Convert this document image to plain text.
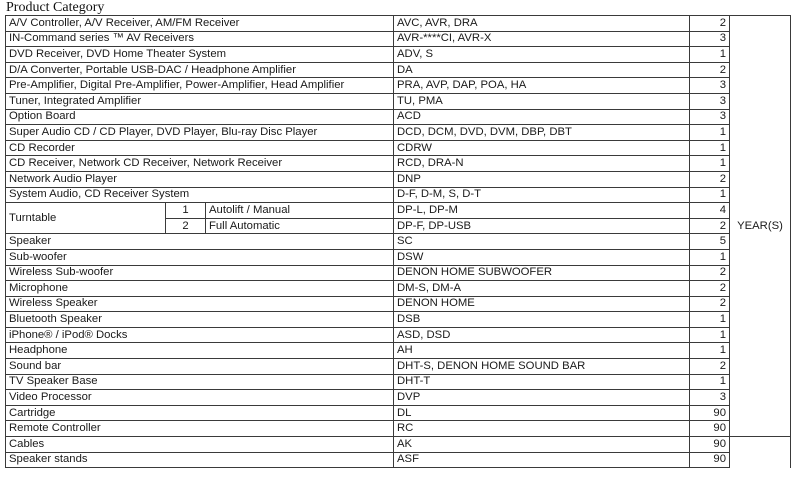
Product Category
A/V Controller, A/V Receiver, AM/FM Receiver			AVC, AVR, DRA	2	YEAR(S)	
IN-Command series ™ AV Receivers			AVR-****CI, AVR-X	3		
DVD Receiver, DVD Home Theater System			ADV, S	1		
D/A Converter, Portable USB-DAC / Headphone Amplifier			DA	2		
Pre-Amplifier, Digital Pre-Amplifier, Power-Amplifier, Head Amplifier			PRA, AVP, DAP, POA, HA	3		
Tuner, Integrated Amplifier			TU, PMA	3		
Option Board			ACD	3		
Super Audio CD / CD Player, DVD Player, Blu-ray Disc Player			DCD, DCM, DVD, DVM, DBP, DBT	1		
CD Recorder			CDRW	1		
CD Receiver, Network CD Receiver, Network Receiver			RCD, DRA-N	1		
Network Audio Player			DNP	2		
System Audio, CD Receiver System			D-F, D-M, S, D-T	1		
Turntable	1	Autolift / Manual	DP-L, DP-M	4		
	2	Full Automatic	DP-F, DP-USB	2		
Speaker			SC	5		
Sub-woofer			DSW	1		
Wireless Sub-woofer			DENON HOME SUBWOOFER	2		
Microphone			DM-S, DM-A	2		
Wireless Speaker			DENON HOME	2		
Bluetooth Speaker			DSB	1		
iPhone® / iPod® Docks			ASD, DSD	1		
Headphone			AH	1		
Sound bar			DHT-S, DENON HOME SOUND BAR	2		
TV Speaker Base			DHT-T	1		
Video Processor			DVP	3		
Cartridge			DL	90	
Remote Controller			RC	90		
Cables			AK	90		
Speaker stands			ASF	90		
